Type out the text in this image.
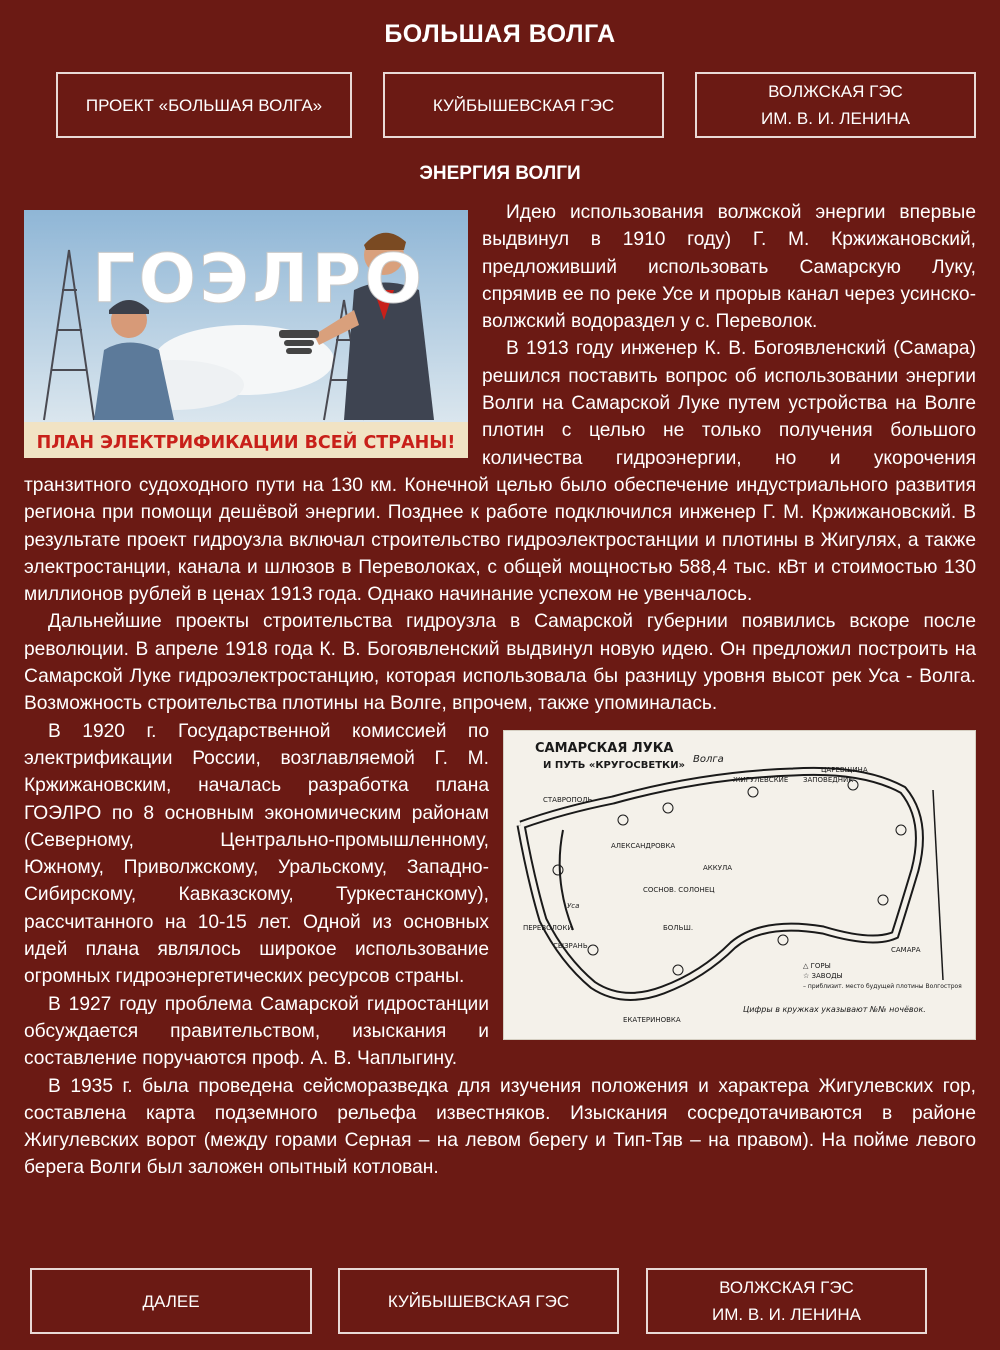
БОЛЬШАЯ ВОЛГА
ПРОЕКТ «БОЛЬШАЯ ВОЛГА»	КУЙБЫШЕВСКАЯ ГЭС
ВОЛЖСКАЯ ГЭС
ИМ. В. И. ЛЕНИНА
ЭНЕРГИЯ ВОЛГИ
ГОЭЛРО
ПЛАН ЭЛЕКТРИФИКАЦИИ ВСЕЙ СТРАНЫ!

Идею использования волжской энергии впервые выдвинул в 1910 году) Г. М. Кржижановский, предложивший использовать Самарскую Луку, спрямив ее по реке Усе и прорыв канал через усинско-волжский водораздел у с. Переволок.

В 1913 году инженер К. В. Богоявленский (Самара) решился поставить вопрос об использовании энергии Волги на Самарской Луке путем устройства на Волге плотин с целью не только получения большого количества гидроэнергии, но и укорочения транзитного судоходного пути на 130 км. Конечной целью было обеспечение индустриального развития региона при помощи дешёвой энергии. Позднее к работе подключился инженер Г. М. Кржижановский. В результате проект гидроузла включал строительство гидроэлектростанции и плотины в Жигулях, а также электростанции, канала и шлюзов в Переволоках, с общей мощностью 588,4 тыс. кВт и стоимостью 130 миллионов рублей в ценах 1913 года. Однако начинание успехом не увенчалось.

Дальнейшие проекты строительства гидроузла в Самарской губернии появились вскоре после революции. В апреле 1918 года К. В. Богоявленский выдвинул новую идею. Он предложил построить на Самарской Луке гидроэлектростанцию, которая использовала бы разницу уровня высот рек Уса - Волга. Возможность строительства плотины на Волге, впрочем, также упоминалась.

САМАРСКАЯ ЛУКА
И ПУТЬ «КРУГОСВЕТКИ»
Волга
СТАВРОПОЛЬ
ЖИГУЛЕВСКИЕ ЗАПОВЕДНИК
АЛЕКСАНДРОВКА
СОСНОВ. СОЛОНЕЦ
АККУЛА
Уса
ПЕРЕВОЛОКИ
СЫЗРАНЬ
БОЛЬШ.
ЕКАТЕРИНОВКА
САМАРА
ЦАРЕВЩИНА
△ ГОРЫ
☆ ЗАВОДЫ
– приблизит. место будущей плотины Волгостроя
Цифры в кружках указывают №№ ночёвок.

В 1920 г. Государственной комиссией по электрификации России, возглавляемой Г. М. Кржижановским, началась разработка плана ГОЭЛРО по 8 основным экономическим районам (Северному, Центрально-промышленному, Южному, Приволжскому, Уральскому, Западно-Сибирскому, Кавказскому, Туркестанскому), рассчитанного на 10-15 лет. Одной из основных идей плана являлось широкое использование огромных гидроэнергетических ресурсов страны.

В 1927 году проблема Самарской гидростанции обсуждается правительством, изыскания и составление поручаются проф. А. В. Чаплыгину.

В 1935 г. была проведена сейсморазведка для изучения положения и характера Жигулевских гор, составлена карта подземного рельефа известняков. Изыскания сосредотачиваются в районе Жигулевских ворот (между горами Серная – на левом берегу и Тип-Тяв – на правом). На пойме левого берега Волги был заложен опытный котлован.

ДАЛЕЕ	КУЙБЫШЕВСКАЯ ГЭС
ВОЛЖСКАЯ ГЭС
ИМ. В. И. ЛЕНИНА
